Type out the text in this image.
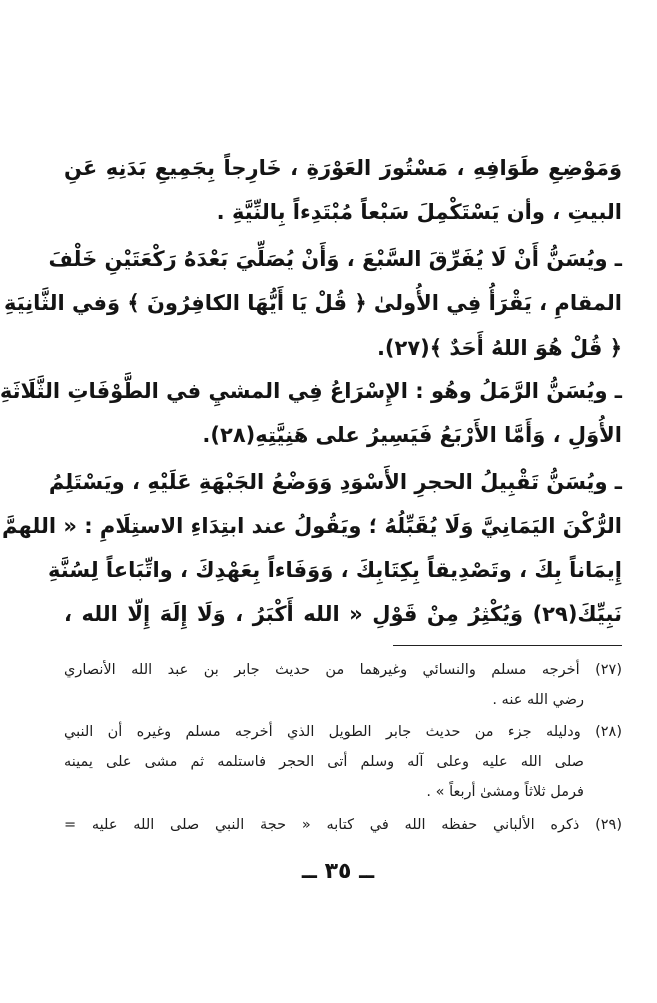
وَمَوْضِعِ طَوَافِهِ ، مَسْتُورَ العَوْرَةِ ، خَارِجاً بِجَمِيعِ بَدَنِهِ عَنِ
البيتِ ، وأن يَسْتَكْمِلَ سَبْعاً مُبْتَدِءاً بِالنِّيَّةِ .
ـ ويُسَنُّ أَنْ لَا يُفَرِّقَ السَّبْعَ ، وَأَنْ يُصَلِّيَ بَعْدَهُ رَكْعَتَيْنِ خَلْفَ
المقامِ ، يَقْرَأُ فِي الأُولىٰ ﴿ قُلْ يَا أَيُّهَا الكافِرُونَ ﴾ وَفي الثَّانِيَةِ
﴿ قُلْ هُوَ اللهُ أَحَدٌ ﴾(٢٧).
ـ ويُسَنُّ الرَّمَلُ وهُو : الإِسْرَاعُ فِي المشيِ في الطَّوْفَاتِ الثَّلَاثَةِ
الأُوَلِ ، وَأَمَّا الأَرْبَعُ فَيَسِيرُ على هَنِيَّتِهِ(٢٨).
ـ ويُسَنُّ تَقْبِيلُ الحجرِ الأَسْوَدِ وَوَضْعُ الجَبْهَةِ عَلَيْهِ ، ويَسْتَلِمُ
الرُّكْنَ اليَمَانِيَّ وَلَا يُقَبِّلُهُ ؛ ويَقُولُ عند ابتِدَاءِ الاستِلَامِ : « اللهمَّ
إِيمَاناً بِكَ ، وتَصْدِيقاً بِكِتَابِكَ ، وَوَفَاءاً بِعَهْدِكَ ، واتِّبَاعاً لِسُنَّةِ
نَبِيِّكَ(٢٩) وَيُكْثِرُ مِنْ قَوْلِ « الله أَكْبَرُ ، وَلَا إِلَهَ إِلّا الله ،
(٢٧) أخرجه مسلم والنسائي وغيرهما من حديث جابر بن عبد الله الأنصاري
رضي الله عنه .
(٢٨) ودليله جزء من حديث جابر الطويل الذي أخرجه مسلم وغيره أن النبي
صلى الله عليه وعلى آله وسلم أتى الحجر فاستلمه ثم مشى على يمينه
فرمل ثلاثاً ومشىٰ أربعاً » .
(٢٩) ذكره الألباني حفظه الله في كتابه « حجة النبي صلى الله عليه =
ــ ٣٥ ــ
